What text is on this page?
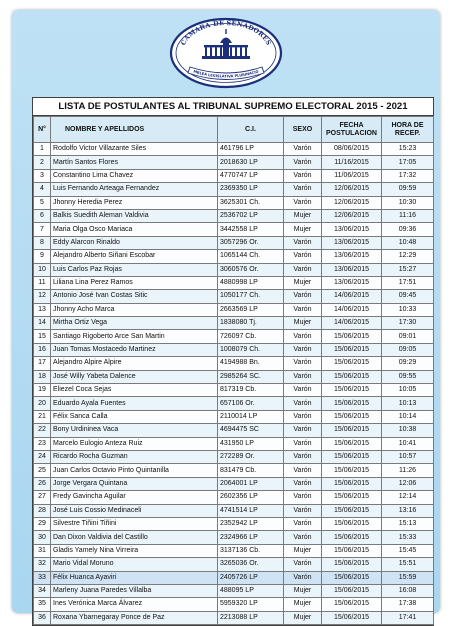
CAMARA DE SENADORES
MBLEA LEGISLATIVA PLURINACIO
LISTA DE POSTULANTES AL TRIBUNAL SUPREMO ELECTORAL 2015 - 2021
N°	NOMBRE Y APELLIDOS	C.I.	SEXO	FECHA POSTULACION	HORA DE RECEP.
1	Rodolfo Victor Villazante Siles	461796 LP	Varón	08/06/2015	15:23
2	Martín Santos Flores	2018630 LP	Varón	11/16/2015	17:05
3	Constantino Lima Chavez	4770747 LP	Varón	11/06/2015	17:32
4	Luis Fernando Arteaga Fernandez	2369350 LP	Varón	12/06/2015	09:59
5	Jhonny Heredia Perez	3625301 Ch.	Varón	12/06/2015	10:30
6	Balkis Suedith Aleman Valdivia	2536702 LP	Mujer	12/06/2015	11:16
7	Maria Olga Osco Mariaca	3442558 LP	Mujer	13/06/2015	09:36
8	Eddy Alarcon Rinaldo	3057296 Or.	Varón	13/06/2015	10:48
9	Alejandro Alberto Siñani Escobar	1065144 Ch.	Varón	13/06/2015	12:29
10	Luis Carlos Paz Rojas	3060576 Or.	Varón	13/06/2015	15:27
11	Liliana Lina Perez Ramos	4880998 LP	Mujer	13/06/2015	17:51
12	Antonio José Ivan Costas Sitic	1050177 Ch.	Varón	14/06/2015	09:45
13	Jhonny Acho Marca	2663569 LP	Varón	14/06/2015	10:33
14	Mirtha Ortiz Vega	1838080 Tj.	Mujer	14/06/2015	17:30
15	Santiago Rigoberto Arce San Martin	726097 Cb.	Varón	15/06/2015	09:01
16	Juan Tomas Mostacedo Martinez	1008079 Ch.	Varón	15/06/2015	09:05
17	Alejandro Alpire Alpire	4194988 Bn.	Varón	15/06/2015	09:29
18	José Willy Yabeta Dalence	2985264 SC.	Varón	15/06/2015	09:55
19	Eliezel Coca Sejas	817319 Cb.	Varón	15/06/2015	10:05
20	Eduardo Ayala Fuentes	657106 Or.	Varón	15/06/2015	10:13
21	Félix Sanca Calla	2110014 LP	Varón	15/06/2015	10:14
22	Bony Urdininea Vaca	4694475 SC	Varón	15/06/2015	10:38
23	Marcelo Eulogio Anteza Ruiz	431950 LP	Varón	15/06/2015	10:41
24	Ricardo Rocha Guzman	272289 Or.	Varón	15/06/2015	10:57
25	Juan Carlos Octavio Pinto Quintanilla	831479 Cb.	Varón	15/06/2015	11:26
26	Jorge Vergara Quintana	2064001 LP	Varón	15/06/2015	12:06
27	Fredy Gavincha Aguilar	2602356 LP	Varón	15/06/2015	12:14
28	José Luis Cossio Medinaceli	4741514 LP	Varón	15/06/2015	13:16
29	Silvestre Tiñini Tiñini	2352942 LP	Varón	15/06/2015	15:13
30	Dan Dixon Valdivia del Castillo	2324966 LP	Varón	15/06/2015	15:33
31	Gladis Yamely Nina Virreira	3137136 Cb.	Mujer	15/06/2015	15:45
32	Mario Vidal Moruno	3265036 Or.	Varón	15/06/2015	15:51
33	Félix Huanca Ayaviri	2405726 LP	Varón	15/06/2015	15:59
34	Marleny Juana Paredes Villalba	488095 LP	Mujer	15/06/2015	16:08
35	Ines Verónica Marca Álvarez	5959320 LP	Mujer	15/06/2015	17:38
36	Roxana Ybarnegaray Ponce de Paz	2213088 LP	Mujer	15/06/2015	17:41
